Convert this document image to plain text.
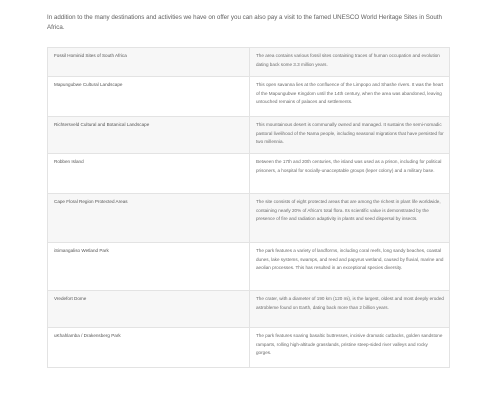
In addition to the many destinations and activities we have on offer you can also pay a visit to the famed UNESCO World Heritage Sites in South Africa.

Fossil Hominid Sites of South Africa	The area contains various fossil sites containing traces of human occupation and evolution dating back some 3.3 million years.
Mapungubwe Cultural Landscape	This open savanna lies at the confluence of the Limpopo and Shashe rivers. It was the heart of the Mapungubwe Kingdom until the 14th century, when the area was abandoned, leaving untouched remains of palaces and settlements.
Richtersveld Cultural and Botanical Landscape	This mountainous desert is communally owned and managed. It sustains the semi-nomadic pastoral livelihood of the Nama people, including seasonal migrations that have persisted for two millennia.
Robben Island	Between the 17th and 20th centuries, the island was used as a prison, including for political prisoners, a hospital for socially-unacceptable groups (leper colony) and a military base.
Cape Floral Region Protected Areas	The site consists of eight protected areas that are among the richest in plant life worldwide, containing nearly 20% of Africa’s total flora. Its scientific value is demonstrated by the presence of fire and radiation adaptivity in plants and seed dispersal by insects.
iSimangaliso Wetland Park	The park features a variety of landforms, including coral reefs, long sandy beaches, coastal dunes, lake systems, swamps, and reed and papyrus wetland, caused by fluvial, marine and aeolian processes. This has resulted in an exceptional species diversity.
Vredefort Dome	The crater, with a diameter of 190 km (120 mi), is the largest, oldest and most deeply eroded astrobleme found on Earth, dating back more than 2 billion years.
uKhahlamba / Drakensberg Park	The park features soaring basaltic buttresses, incisive dramatic cutbacks, golden sandstone ramparts, rolling high-altitude grasslands, pristine steep-sided river valleys and rocky gorges.
